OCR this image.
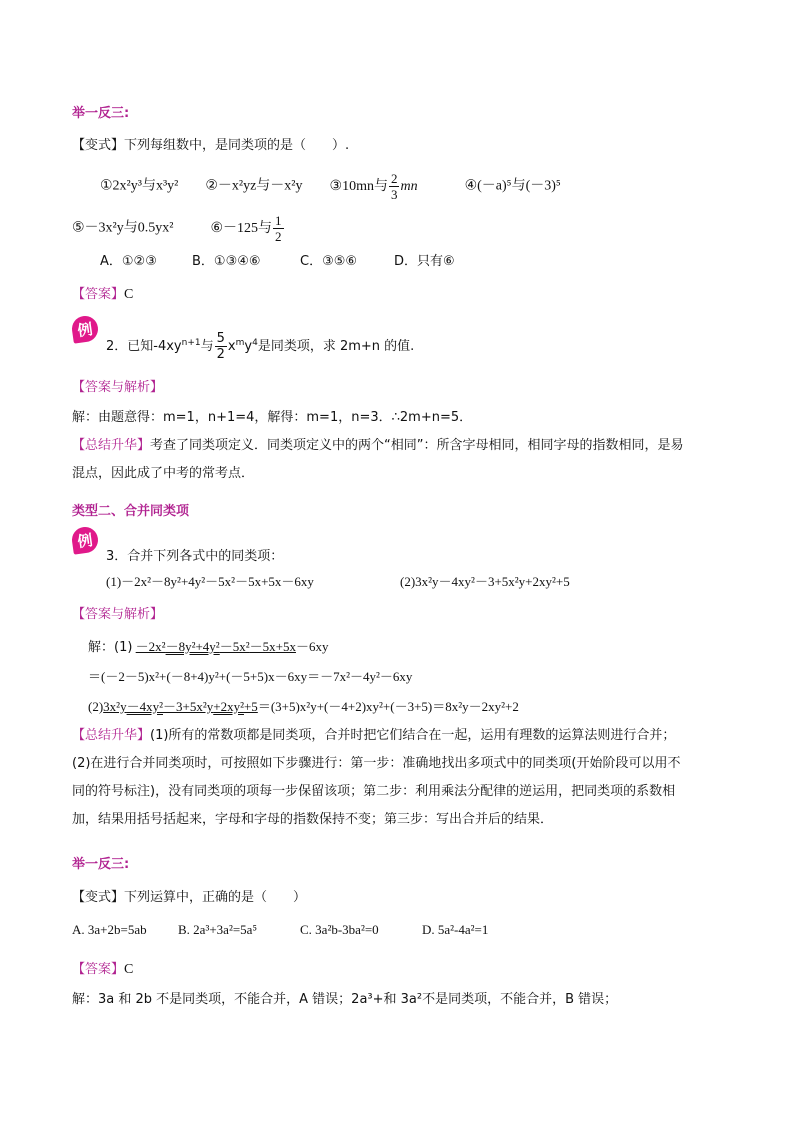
举一反三:
【变式】下列每组数中，是同类项的是（　　）.
①2x²y³与x³y² ②－x²yz与－x²y ③10mn与 $\frac{2}{3}$ mn	④(－a)⁵与(－3)⁵
⑤－3x²y与0.5yx²	⑥－125与 $\frac{1}{2}$
A．①②③	B．①③④⑥	C．③⑤⑥	D．只有⑥
【答案】C
例
2．已知$-4xy^{n+1}$与 $\frac{5}{2} x^my^4$是同类项，求 2m+n 的值.
【答案与解析】
解：由题意得：m=1，n+1=4，解得：m=1，n=3．∴2m+n=5．
【总结升华】考查了同类项定义．同类项定义中的两个“相同”：所含字母相同，相同字母的指数相同，是易混点，因此成了中考的常考点．
类型二、合并同类项
例
3．合并下列各式中的同类项：
(1)－2x²－8y²+4y²－5x²－5x+5x－6xy	(2)3x²y－4xy²－3+5x²y+2xy²+5
【答案与解析】
解：(1) －2x²－8y²+4y²－5x²－5x+5x－6xy
＝(－2－5)x²+(－8+4)y²+(－5+5)x－6xy＝－7x²－4y²－6xy
(2)3x²y－4xy²－3+5x²y+2xy²+5＝(3+5)x²y+(－4+2)xy²+(－3+5)＝8x²y－2xy²+2
【总结升华】(1)所有的常数项都是同类项，合并时把它们结合在一起，运用有理数的运算法则进行合并；(2)在进行合并同类项时，可按照如下步骤进行：第一步：准确地找出多项式中的同类项(开始阶段可以用不同的符号标注)，没有同类项的项每一步保留该项；第二步：利用乘法分配律的逆运用，把同类项的系数相加，结果用括号括起来，字母和字母的指数保持不变；第三步：写出合并后的结果．
举一反三:
【变式】下列运算中，正确的是（　　）
A. 3a+2b=5ab B. 2a³+3a²=5a⁵	C. 3a²b-3ba²=0	D. 5a²-4a²=1
【答案】C
解：3a 和 2b 不是同类项，不能合并，A 错误；2a³+和 3a²不是同类项，不能合并，B 错误；
